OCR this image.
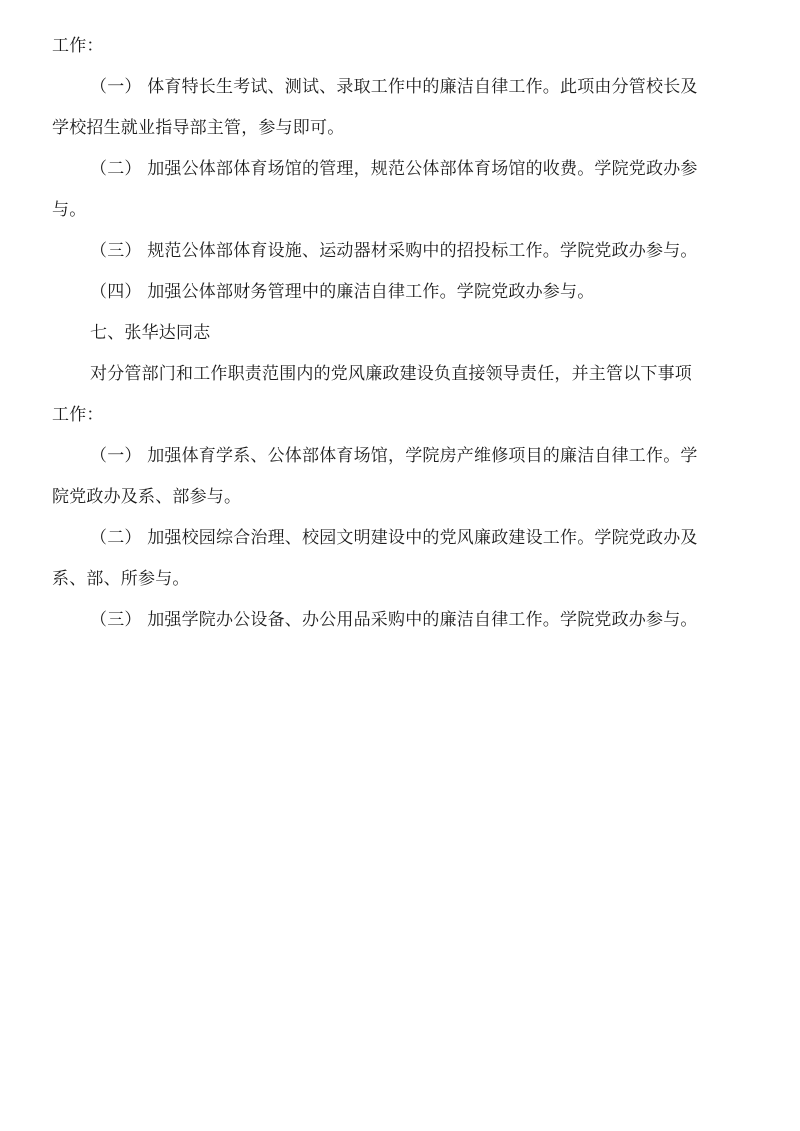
工作：
（一） 体育特长生考试、测试、录取工作中的廉洁自律工作。此项由分管校长及
学校招生就业指导部主管，参与即可。
（二） 加强公体部体育场馆的管理，规范公体部体育场馆的收费。学院党政办参
与。
（三） 规范公体部体育设施、运动器材采购中的招投标工作。学院党政办参与。
（四） 加强公体部财务管理中的廉洁自律工作。学院党政办参与。
七、张华达同志
对分管部门和工作职责范围内的党风廉政建设负直接领导责任，并主管以下事项
工作：
（一） 加强体育学系、公体部体育场馆，学院房产维修项目的廉洁自律工作。学
院党政办及系、部参与。
（二） 加强校园综合治理、校园文明建设中的党风廉政建设工作。学院党政办及
系、部、所参与。
（三） 加强学院办公设备、办公用品采购中的廉洁自律工作。学院党政办参与。
